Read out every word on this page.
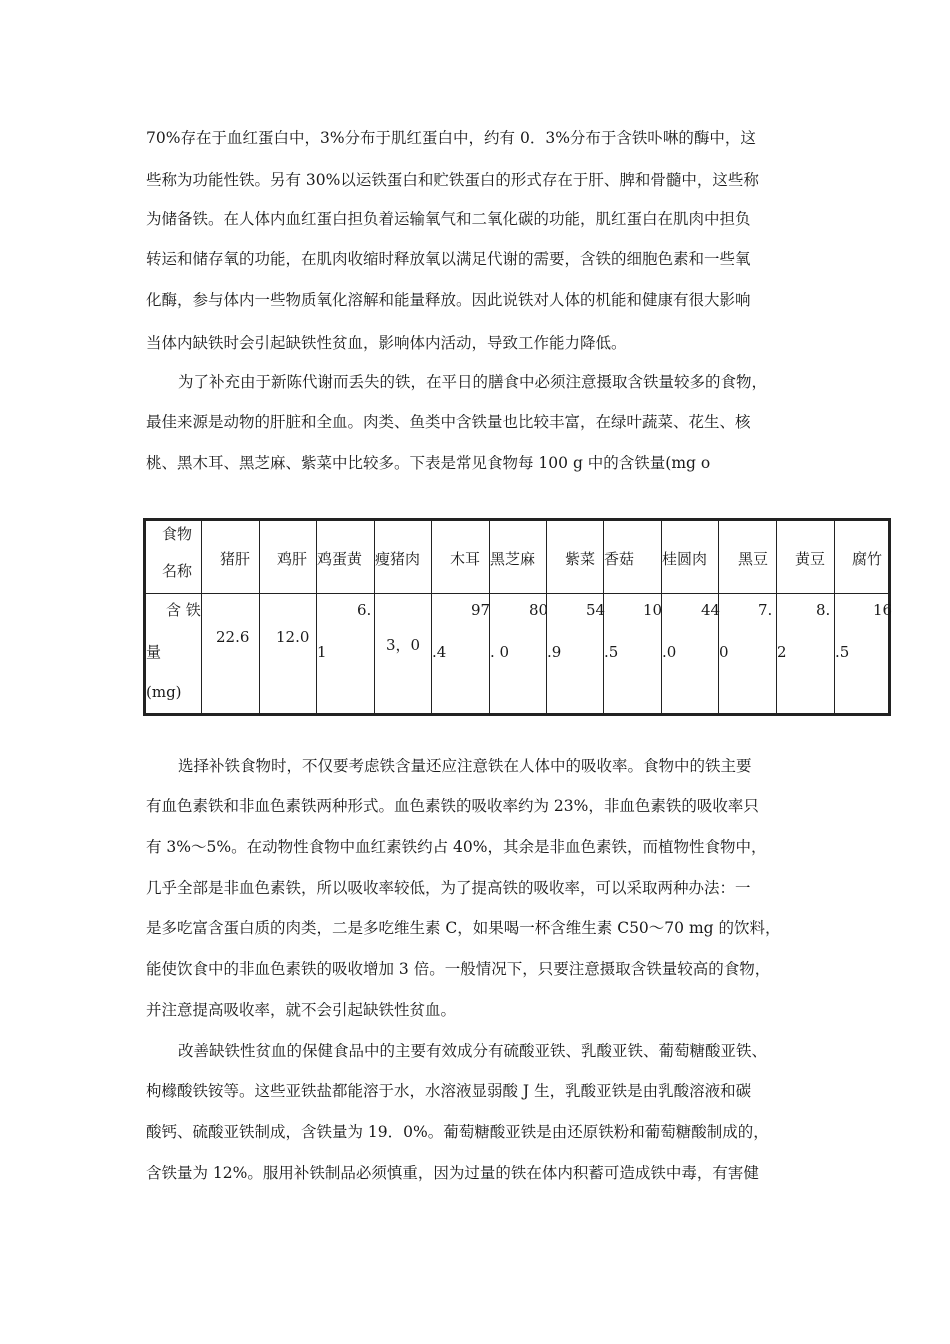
70%存在于血红蛋白中，3%分布于肌红蛋白中，约有 0．3%分布于含铁卟啉的酶中，这
些称为功能性铁。另有 30%以运铁蛋白和贮铁蛋白的形式存在于肝、脾和骨髓中，这些称
为储备铁。在人体内血红蛋白担负着运输氧气和二氧化碳的功能，肌红蛋白在肌肉中担负
转运和储存氧的功能，在肌肉收缩时释放氧以满足代谢的需要，含铁的细胞色素和一些氧
化酶，参与体内一些物质氧化溶解和能量释放。因此说铁对人体的机能和健康有很大影响
当体内缺铁时会引起缺铁性贫血，影响体内活动，导致工作能力降低。
为了补充由于新陈代谢而丢失的铁，在平日的膳食中必须注意摄取含铁量较多的食物，
最佳来源是动物的肝脏和全血。肉类、鱼类中含铁量也比较丰富，在绿叶蔬菜、花生、核
桃、黑木耳、黑芝麻、紫菜中比较多。下表是常见食物每 100 g 中的含铁量(mg o
食物
名称
猪肝 鸡肝 鸡蛋黄 瘦猪肉 木耳 黑芝麻 紫菜 香菇 桂圆肉 黑豆 黄豆 腐竹
含 铁
量
(mg)
22.6 12.0
6.
1	3，0
97
.4
80
. 0
54
.9
10
.5
44
.0
7.
0
8.
2
16
.5
选择补铁食物时，不仅要考虑铁含量还应注意铁在人体中的吸收率。食物中的铁主要
有血色素铁和非血色素铁两种形式。血色素铁的吸收率约为 23%，非血色素铁的吸收率只
有 3%～5%。在动物性食物中血红素铁约占 40%，其余是非血色素铁，而植物性食物中，
几乎全部是非血色素铁，所以吸收率较低，为了提高铁的吸收率，可以采取两种办法：一
是多吃富含蛋白质的肉类，二是多吃维生素 C，如果喝一杯含维生素 C50～70 mg 的饮料，
能使饮食中的非血色素铁的吸收增加 3 倍。一般情况下，只要注意摄取含铁量较高的食物，
并注意提高吸收率，就不会引起缺铁性贫血。
改善缺铁性贫血的保健食品中的主要有效成分有硫酸亚铁、乳酸亚铁、葡萄糖酸亚铁、
枸橼酸铁铵等。这些亚铁盐都能溶于水，水溶液显弱酸 J 生，乳酸亚铁是由乳酸溶液和碳
酸钙、硫酸亚铁制成，含铁量为 19．0%。葡萄糖酸亚铁是由还原铁粉和葡萄糖酸制成的，
含铁量为 12%。服用补铁制品必须慎重，因为过量的铁在体内积蓄可造成铁中毒，有害健
